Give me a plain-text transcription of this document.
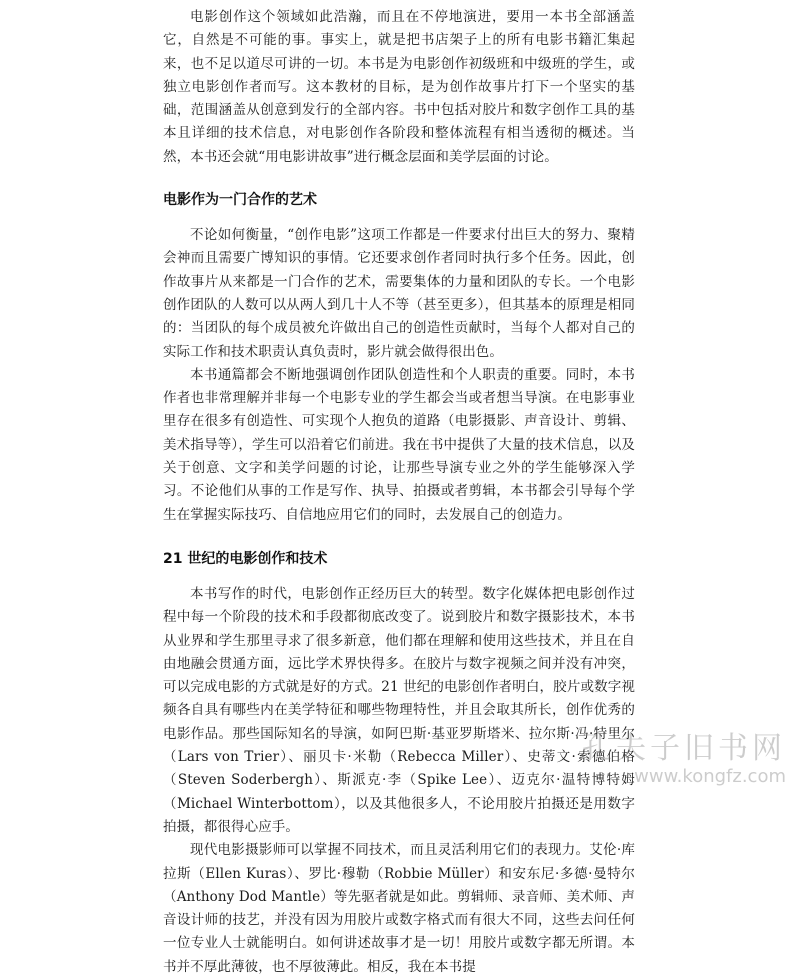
电影创作这个领域如此浩瀚，而且在不停地演进，要用一本书全部涵盖它，自然是不可能的事。事实上，就是把书店架子上的所有电影书籍汇集起来，也不足以道尽可讲的一切。本书是为电影创作初级班和中级班的学生，或独立电影创作者而写。这本教材的目标，是为创作故事片打下一个坚实的基础，范围涵盖从创意到发行的全部内容。书中包括对胶片和数字创作工具的基本且详细的技术信息，对电影创作各阶段和整体流程有相当透彻的概述。当然，本书还会就“用电影讲故事”进行概念层面和美学层面的讨论。

电影作为一门合作的艺术

不论如何衡量，“创作电影”这项工作都是一件要求付出巨大的努力、聚精会神而且需要广博知识的事情。它还要求创作者同时执行多个任务。因此，创作故事片从来都是一门合作的艺术，需要集体的力量和团队的专长。一个电影创作团队的人数可以从两人到几十人不等（甚至更多），但其基本的原理是相同的：当团队的每个成员被允许做出自己的创造性贡献时，当每个人都对自己的实际工作和技术职责认真负责时，影片就会做得很出色。

本书通篇都会不断地强调创作团队创造性和个人职责的重要。同时，本书作者也非常理解并非每一个电影专业的学生都会当或者想当导演。在电影事业里存在很多有创造性、可实现个人抱负的道路（电影摄影、声音设计、剪辑、美术指导等），学生可以沿着它们前进。我在书中提供了大量的技术信息，以及关于创意、文字和美学问题的讨论，让那些导演专业之外的学生能够深入学习。不论他们从事的工作是写作、执导、拍摄或者剪辑，本书都会引导每个学生在掌握实际技巧、自信地应用它们的同时，去发展自己的创造力。

21 世纪的电影创作和技术

本书写作的时代，电影创作正经历巨大的转型。数字化媒体把电影创作过程中每一个阶段的技术和手段都彻底改变了。说到胶片和数字摄影技术，本书从业界和学生那里寻求了很多新意，他们都在理解和使用这些技术，并且在自由地融会贯通方面，远比学术界快得多。在胶片与数字视频之间并没有冲突，可以完成电影的方式就是好的方式。21 世纪的电影创作者明白，胶片或数字视频各自具有哪些内在美学特征和哪些物理特性，并且会取其所长，创作优秀的电影作品。那些国际知名的导演，如阿巴斯·基亚罗斯塔米、拉尔斯·冯·特里尔（Lars von Trier）、丽贝卡·米勒（Rebecca Miller）、史蒂文·索德伯格（Steven Soderbergh）、斯派克·李（Spike Lee）、迈克尔·温特博特姆（Michael Winterbottom），以及其他很多人，不论用胶片拍摄还是用数字拍摄，都很得心应手。

现代电影摄影师可以掌握不同技术，而且灵活利用它们的表现力。艾伦·库拉斯（Ellen Kuras）、罗比·穆勒（Robbie Müller）和安东尼·多德·曼特尔（Anthony Dod Mantle）等先驱者就是如此。剪辑师、录音师、美术师、声音设计师的技艺，并没有因为用胶片或数字格式而有很大不同，这些去问任何一位专业人士就能明白。如何讲述故事才是一切！用胶片或数字都无所谓。本书并不厚此薄彼，也不厚彼薄此。相反，我在本书提

孔夫子旧书网
www.kongfz.com
